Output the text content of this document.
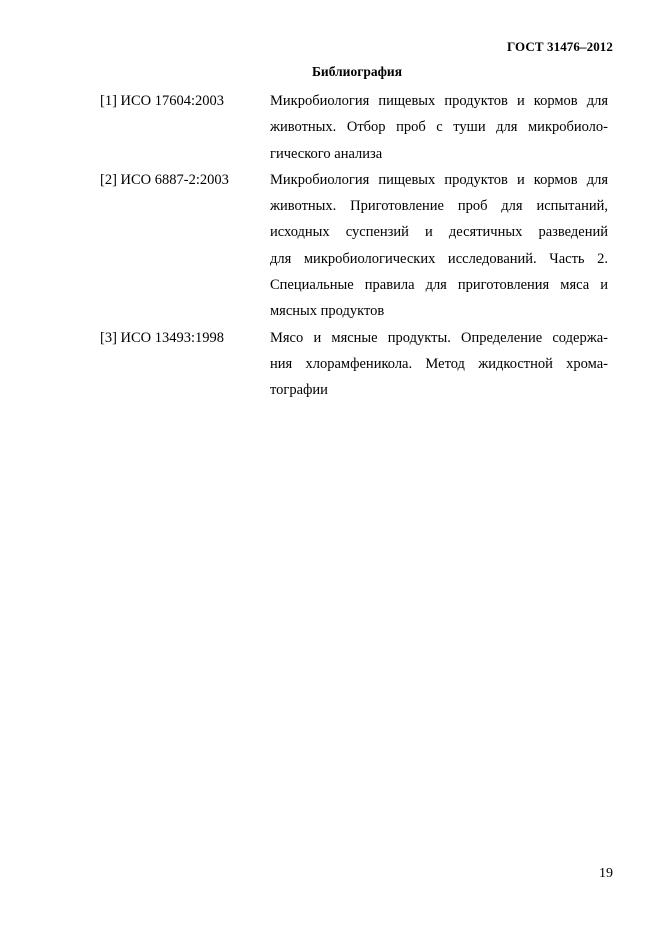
ГОСТ 31476–2012
Библиография
[1] ИСО 17604:2003	Микробиология пищевых продуктов и кормов для
животных. Отбор проб с туши для микробиоло-
гического анализа
[2] ИСО 6887-2:2003	Микробиология пищевых продуктов и кормов для
животных. Приготовление проб для испытаний,
исходных суспензий и десятичных разведений
для микробиологических исследований. Часть 2.
Специальные правила для приготовления мяса и
мясных продуктов
[3] ИСО 13493:1998	Мясо и мясные продукты. Определение содержа-
ния хлорамфеникола. Метод жидкостной хрома-
тографии
19
